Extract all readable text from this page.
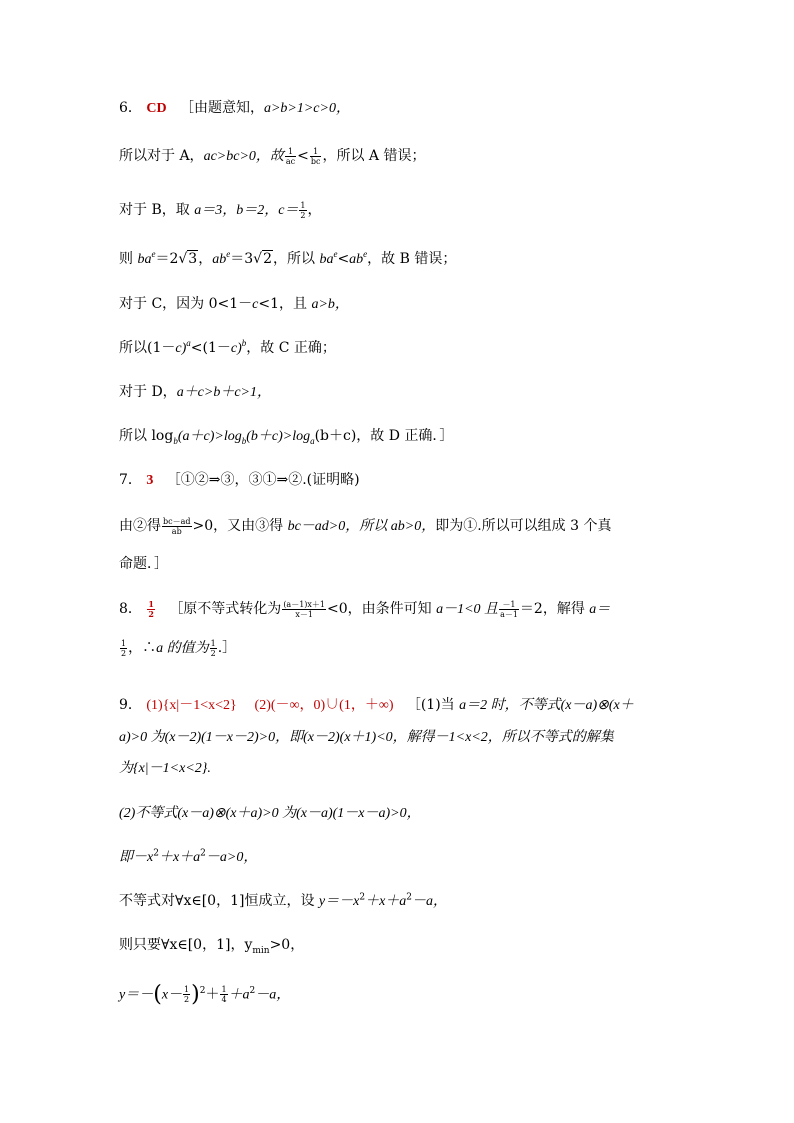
6． CD ［由题意知，a>b>1>c>0，
所以对于 A，ac>bc>0，故 $\frac{1}{ac} < \frac{1}{bc}$ ，所以 A 错误；
对于 B，取 a＝3，b＝2，$c= \frac{1}{2}$ ，
则 $ba^e=2√3$，$ab^e=3√2$，所以 $ba^e<ab^e$，故 B 错误；
对于 C，因为 0<1－c<1，且 a>b，
所以$(1-c)^a<(1-c)^b$，故 C 正确；
对于 D，a＋c>b＋c>1，
所以 $\log_b(a+c)>\log_b(b+c)>\log_a(b+c)$，故 D 正确．］
7． 3 ［①②⇒③，③①⇒②.(证明略)
由②得 $\frac{bc-ad}{ab} >0$，又由③得 bc－ad>0，所以 ab>0，即为①.所以可以组成 3 个真
命题．］
8． $\frac{1}{2}$ ［原不等式转化为 $\frac{(a-1)x+1}{x-1} <0$，由条件可知 a－1<0 且 $\frac{-1}{a-1} =2$，解得 a＝
$\frac{1}{2}$ ，∴a 的值为 $\frac{1}{2}$ .］
9． (1){x|－1<x<2} (2)(－∞，0)∪(1，＋∞) ［(1)当 a＝2 时，不等式(x－a)⊗(x＋
a)>0 为(x－2)(1－x－2)>0，即(x－2)(x＋1)<0，解得－1<x<2，所以不等式的解集
为{x|－1<x<2}.
(2)不等式(x－a)⊗(x＋a)>0 为(x－a)(1－x－a)>0，
即$-x^2+x+a^2-a>0$，
不等式对∀x∈[0，1]恒成立，设 $y=-x^2+x+a^2-a$，
则只要∀x∈[0，1]，$y_{min}>0$，
$y=-(x- \frac{1}{2} )^2+ \frac{1}{4} +a^2-a$，
